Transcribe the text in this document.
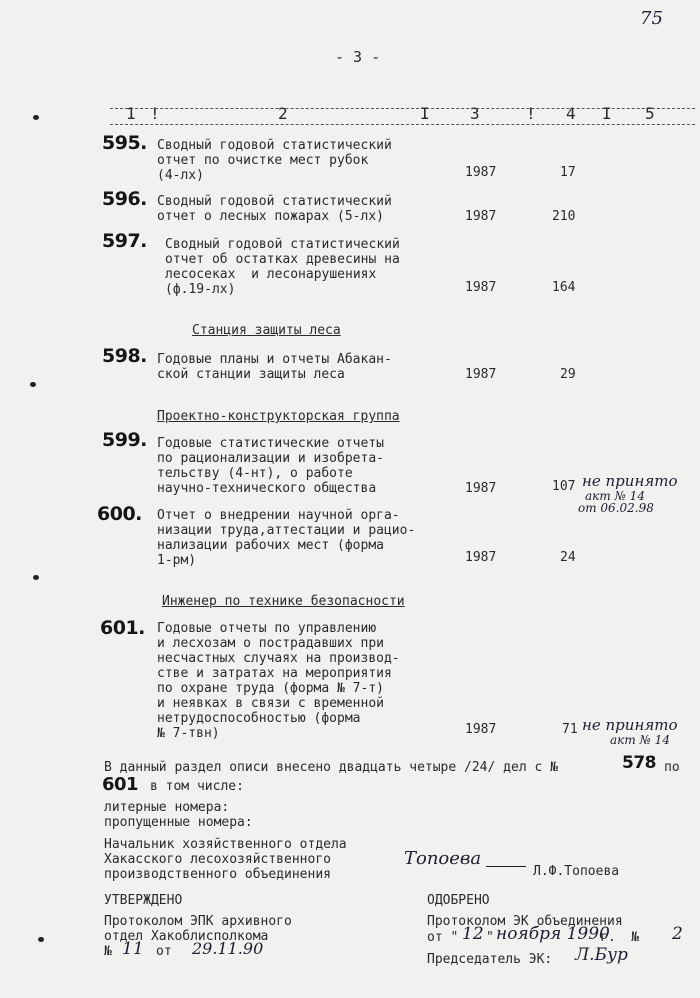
75
- 3 -
1	2	3	4	5
!	I	!	I
595. Сводный годовой статистический
отчет по очистке мест рубок
(4-лх)	1987	17
596. Сводный годовой статистический
отчет о лесных пожарах (5-лх)	1987	210
597. Сводный годовой статистический
отчет об остатках древесины на
лесосеках  и лесонарушениях
(ф.19-лх)	1987	164
Станция защиты леса
598. Годовые планы и отчеты Абакан-
ской станции защиты леса	1987	29
Проектно-конструкторская группа
599. Годовые статистические отчеты
по рационализации и изобрета-
тельству (4-нт), о работе
научно-технического общества	1987	107 не принято
акт № 14
от 06.02.98
600. Отчет о внедрении научной орга-
низации труда,аттестации и рацио-
нализации рабочих мест (форма
1-рм)	1987	24
Инженер по технике безопасности
601. Годовые отчеты по управлению
и лесхозам о пострадавших при
несчастных случаях на производ-
стве и затратах на мероприятия
по охране труда (форма № 7-т)
и неявках в связи с временной
нетрудоспособностью (форма
№ 7-твн)	1987	71 не принято
акт № 14
В данный раздел описи внесено двадцать четыре /24/ дел с №	578 по
601 в том числе:
литерные номера:
пропущенные номера:
Начальник хозяйственного отдела
Хакасского лесохозяйственного
производственного объединения
Топоева
Л.Ф.Топоева
УТВЕРЖДЕНО
Протоколом ЭПК архивного
отдел Хакоблисполкома
№ 11 от 29.11.90
ОДОБРЕНО
Протоколом ЭК объединения
от " 12 " ноября 1990
г.  № 2
Председатель ЭК: Л.Бур
